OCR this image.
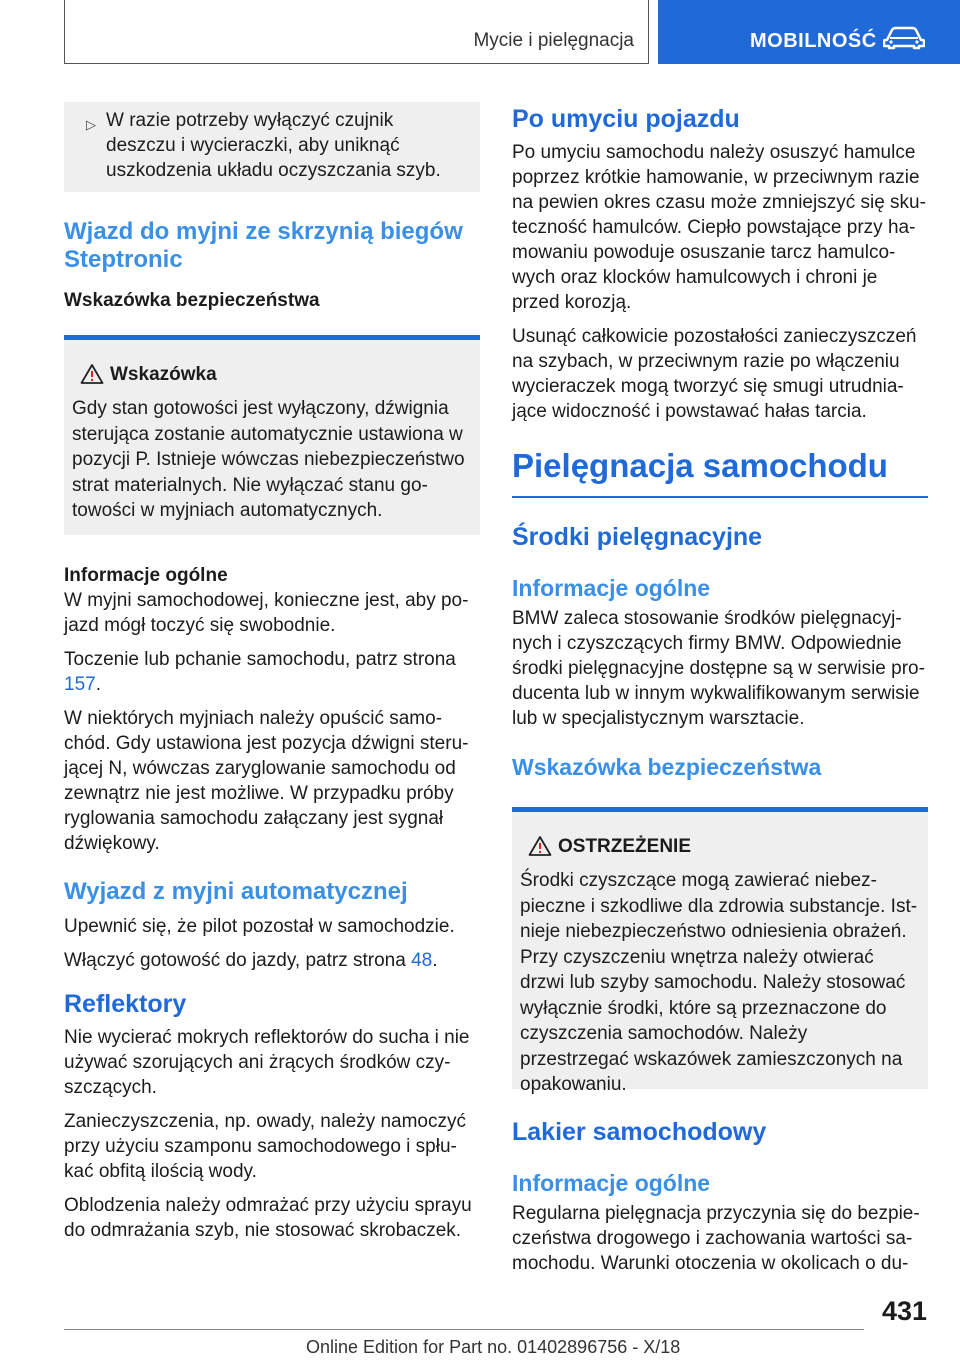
Mycie i pielęgnacja	MOBILNOŚĆ
▷ W razie potrzeby wyłączyć czujnik deszczu i wycieraczki, aby uniknąć uszkodzenia układu oczyszczania szyb.
Wjazd do myjni ze skrzynią biegów Steptronic
Wskazówka bezpieczeństwa
Wskazówka
Gdy stan gotowości jest wyłączony, dźwignia sterująca zostanie automatycznie ustawiona w pozycji P. Istnieje wówczas niebezpieczeństwo strat materialnych. Nie wyłączać stanu gotowości w myjniach automatycznych.
Informacje ogólne
W myjni samochodowej, konieczne jest, aby pojazd mógł toczyć się swobodnie.
Toczenie lub pchanie samochodu, patrz strona 157.
W niektórych myjniach należy opuścić samochód. Gdy ustawiona jest pozycja dźwigni sterującej N, wówczas zaryglowanie samochodu od zewnątrz nie jest możliwe. W przypadku próby ryglowania samochodu załączany jest sygnał dźwiękowy.
Wyjazd z myjni automatycznej
Upewnić się, że pilot pozostał w samochodzie.
Włączyć gotowość do jazdy, patrz strona 48.
Reflektory
Nie wycierać mokrych reflektorów do sucha i nie używać szorujących ani żrących środków czyszczących.
Zanieczyszczenia, np. owady, należy namoczyć przy użyciu szamponu samochodowego i spłukać obfitą ilością wody.
Oblodzenia należy odmrażać przy użyciu sprayu do odmrażania szyb, nie stosować skrobaczek.
Po umyciu pojazdu
Po umyciu samochodu należy osuszyć hamulce poprzez krótkie hamowanie, w przeciwnym razie na pewien okres czasu może zmniejszyć się skuteczność hamulców. Ciepło powstające przy hamowaniu powoduje osuszanie tarcz hamulcowych oraz klocków hamulcowych i chroni je przed korozją.
Usunąć całkowicie pozostałości zanieczyszczeń na szybach, w przeciwnym razie po włączeniu wycieraczek mogą tworzyć się smugi utrudniające widoczność i powstawać hałas tarcia.
Pielęgnacja samochodu
Środki pielęgnacyjne
Informacje ogólne
BMW zaleca stosowanie środków pielęgnacyjnych i czyszczących firmy BMW. Odpowiednie środki pielęgnacyjne dostępne są w serwisie producenta lub w innym wykwalifikowanym serwisie lub w specjalistycznym warsztacie.
Wskazówka bezpieczeństwa
OSTRZEŻENIE
Środki czyszczące mogą zawierać niebezpieczne i szkodliwe dla zdrowia substancje. Istnieje niebezpieczeństwo odniesienia obrażeń. Przy czyszczeniu wnętrza należy otwierać drzwi lub szyby samochodu. Należy stosować wyłącznie środki, które są przeznaczone do czyszczenia samochodów. Należy przestrzegać wskazówek zamieszczonych na opakowaniu.
Lakier samochodowy
Informacje ogólne
Regularna pielęgnacja przyczynia się do bezpieczeństwa drogowego i zachowania wartości samochodu. Warunki otoczenia w okolicach o du-
431
Online Edition for Part no. 01402896756 - X/18
